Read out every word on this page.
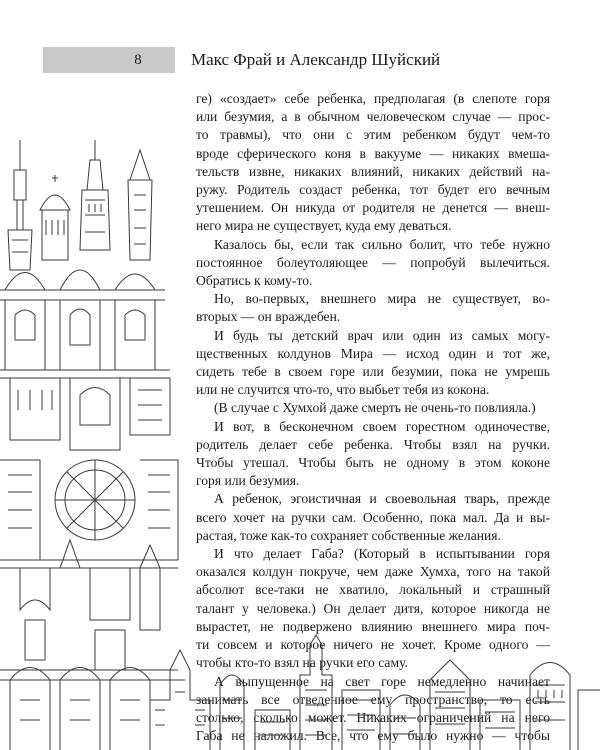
8	Макс Фрай и Александр Шуйский
ге) «создает» себе ребенка, предполагая (в слепоте горя
или безумия, а в обычном человеческом случае — прос-
то травмы), что они с этим ребенком будут чем-то
вроде сферического коня в вакууме — никаких вмеша-
тельств извне, никаких влияний, никаких действий на-
ружу. Родитель создаст ребенка, тот будет его вечным
утешением. Он никуда от родителя не денется — внеш-
него мира не существует, куда ему деваться.
Казалось бы, если так сильно болит, что тебе нужно
постоянное болеутоляющее — попробуй вылечиться.
Обратись к кому-то.
Но, во-первых, внешнего мира не существует, во-
вторых — он враждебен.
И будь ты детский врач или один из самых могу-
щественных колдунов Мира — исход один и тот же,
сидеть тебе в своем горе или безумии, пока не умрешь
или не случится что-то, что выбьет тебя из кокона.
(В случае с Хумхой даже смерть не очень-то повлияла.)
И вот, в бесконечном своем горестном одиночестве,
родитель делает себе ребенка. Чтобы взял на ручки.
Чтобы утешал. Чтобы быть не одному в этом коконе
горя или безумия.
А ребенок, эгоистичная и своевольная тварь, прежде
всего хочет на ручки сам. Особенно, пока мал. Да и вы-
растая, тоже как-то сохраняет собственные желания.
И что делает Габа? (Который в испытывании горя
оказался колдун покруче, чем даже Хумха, того на такой
абсолют все-таки не хватило, локальный и страшный
талант у человека.) Он делает дитя, которое никогда не
вырастет, не подвержено влиянию внешнего мира поч-
ти совсем и которое ничего не хочет. Кроме одного —
чтобы кто-то взял на ручки его саму.
А выпущенное на свет горе немедленно начинает
занимать все отведенное ему пространство, то есть
столько, сколько может. Никаких ограничений на него
Габа не наложил. Все, что ему было нужно — чтобы
